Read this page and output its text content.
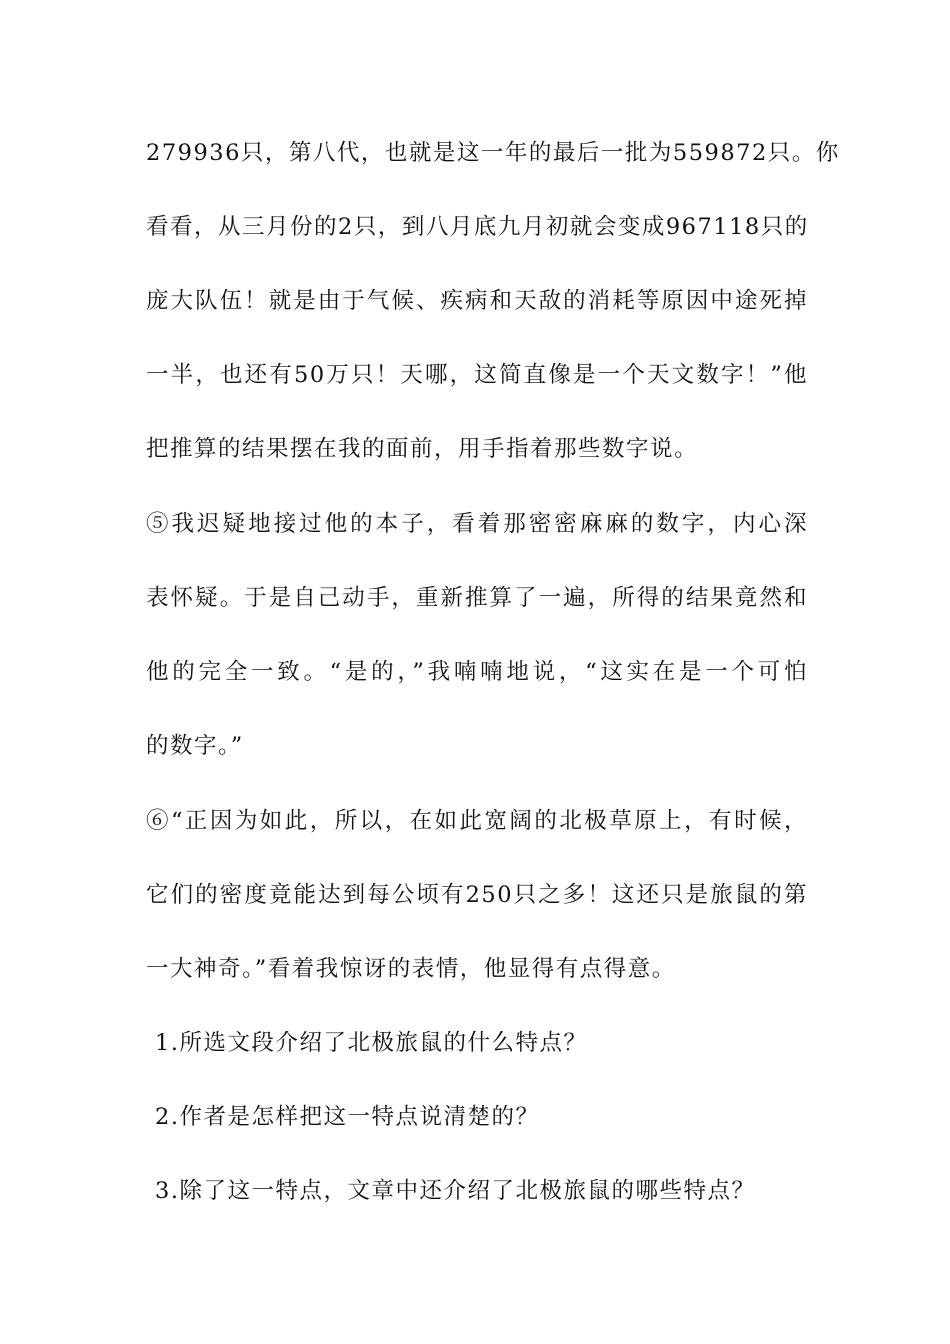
279936只，第八代，也就是这一年的最后一批为559872只。你
看看，从三月份的2只，到八月底九月初就会变成967118只的
庞大队伍！就是由于气候、疾病和天敌的消耗等原因中途死掉
一半，也还有50万只！天哪，这简直像是一个天文数字！”他
把推算的结果摆在我的面前，用手指着那些数字说。
⑤我迟疑地接过他的本子，看着那密密麻麻的数字，内心深
表怀疑。于是自己动手，重新推算了一遍，所得的结果竟然和
他的完全一致。“是的，”我喃喃地说，“这实在是一个可怕
的数字。”
⑥“正因为如此，所以，在如此宽阔的北极草原上，有时候，
它们的密度竟能达到每公顷有250只之多！这还只是旅鼠的第
一大神奇。”看着我惊讶的表情，他显得有点得意。
1.所选文段介绍了北极旅鼠的什么特点？
2.作者是怎样把这一特点说清楚的？
3.除了这一特点，文章中还介绍了北极旅鼠的哪些特点？
